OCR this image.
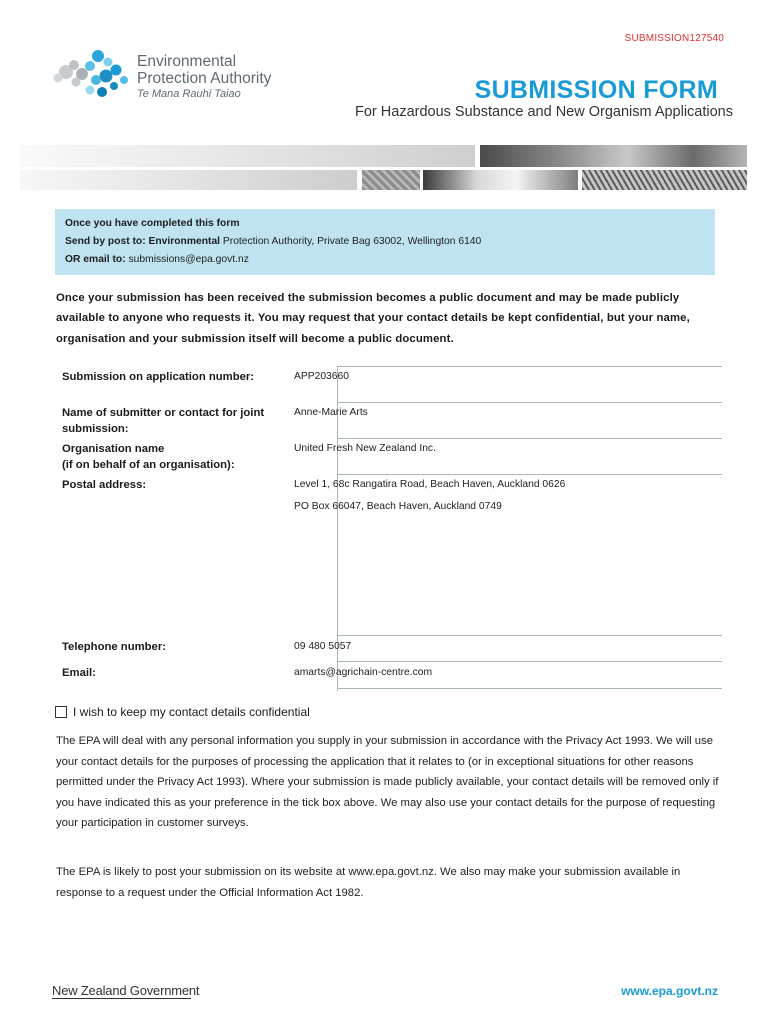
SUBMISSION127540
Environmental
Protection Authority
Te Mana Rauhī Taiao	SUBMISSION FORM
For Hazardous Substance and New Organism Applications

Once you have completed this form

Send by post to: Environmental Protection Authority, Private Bag 63002, Wellington 6140

OR email to: submissions@epa.govt.nz

Once your submission has been received the submission becomes a public document and may be made publicly available to anyone who requests it. You may request that your contact details be kept confidential, but your name, organisation and your submission itself will become a public document.

Submission on application number:	APP203660
Name of submitter or contact for joint submission:
Anne-Marie Arts
Organisation name
(if on behalf of an organisation):
United Fresh New Zealand Inc.
Postal address:	Level 1, 68c Rangatira Road, Beach Haven, Auckland 0626
PO Box 66047, Beach Haven, Auckland 0749
Telephone number:	09 480 5057
Email:	amarts@agrichain-centre.com
I wish to keep my contact details confidential

The EPA will deal with any personal information you supply in your submission in accordance with the Privacy Act 1993. We will use your contact details for the purposes of processing the application that it relates to (or in exceptional situations for other reasons permitted under the Privacy Act 1993). Where your submission is made publicly available, your contact details will be removed only if you have indicated this as your preference in the tick box above. We may also use your contact details for the purpose of requesting your participation in customer surveys.

The EPA is likely to post your submission on its website at www.epa.govt.nz. We also may make your submission available in response to a request under the Official Information Act 1982.

New Zealand Government	www.epa.govt.nz
